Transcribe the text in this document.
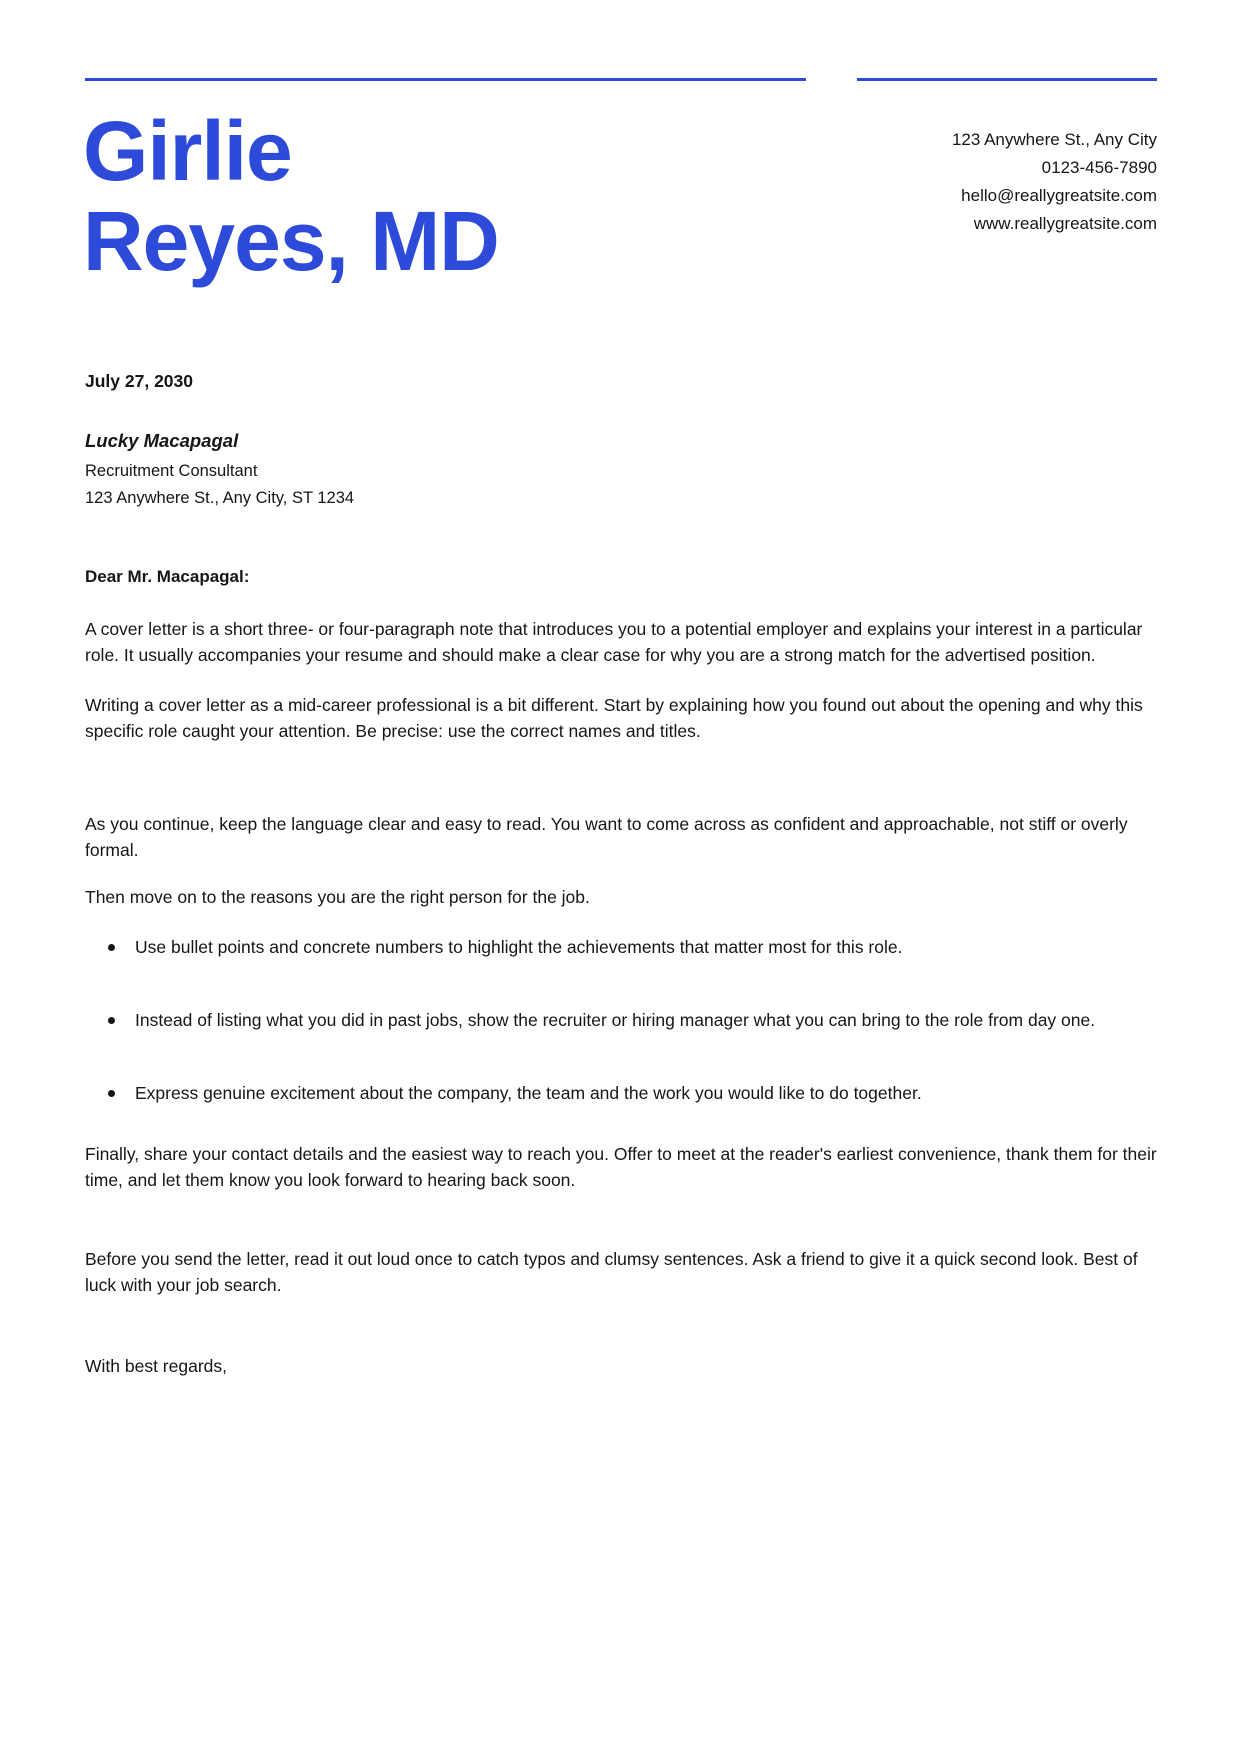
Girlie
Reyes, MD
123 Anywhere St., Any City
0123-456-7890
hello@reallygreatsite.com
www.reallygreatsite.com

July 27, 2030

Lucky Macapagal

Recruitment Consultant

123 Anywhere St., Any City, ST 1234

Dear Mr. Macapagal:

A cover letter is a short three- or four-paragraph note that introduces you to a potential employer and explains your interest in a particular role. It usually accompanies your resume and should make a clear case for why you are a strong match for the advertised position.

Writing a cover letter as a mid-career professional is a bit different. Start by explaining how you found out about the opening and why this specific role caught your attention. Be precise: use the correct names and titles.

As you continue, keep the language clear and easy to read. You want to come across as confident and approachable, not stiff or overly formal.

Then move on to the reasons you are the right person for the job.

Use bullet points and concrete numbers to highlight the achievements that matter most for this role.
Instead of listing what you did in past jobs, show the recruiter or hiring manager what you can bring to the role from day one.
Express genuine excitement about the company, the team and the work you would like to do together.

Finally, share your contact details and the easiest way to reach you. Offer to meet at the reader's earliest convenience, thank them for their time, and let them know you look forward to hearing back soon.

Before you send the letter, read it out loud once to catch typos and clumsy sentences. Ask a friend to give it a quick second look. Best of luck with your job search.

With best regards,
